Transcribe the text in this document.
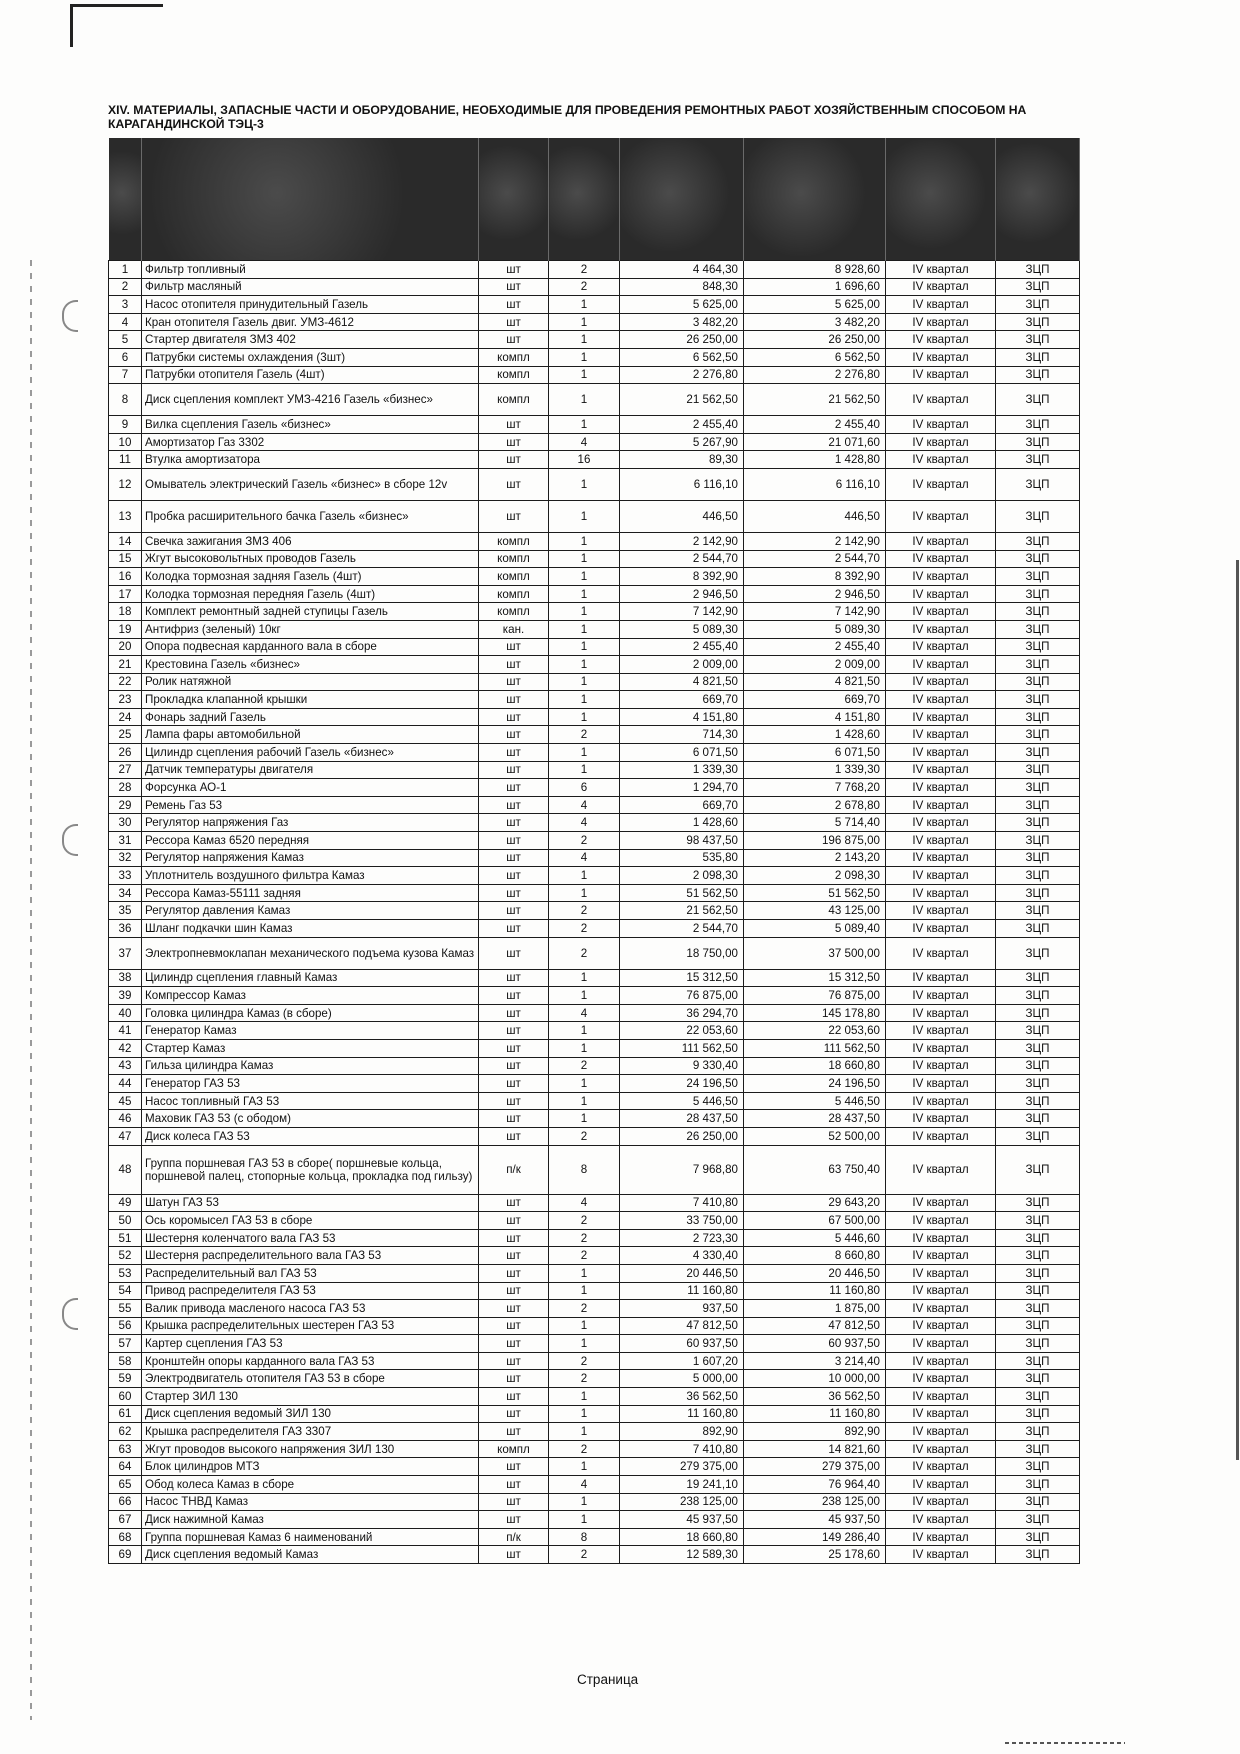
XIV. МАТЕРИАЛЫ, ЗАПАСНЫЕ ЧАСТИ И ОБОРУДОВАНИЕ, НЕОБХОДИМЫЕ ДЛЯ ПРОВЕДЕНИЯ РЕМОНТНЫХ РАБОТ ХОЗЯЙСТВЕННЫМ СПОСОБОМ НА КАРАГАНДИНСКОЙ ТЭЦ-3

1	Фильтр топливный	шт	2	4 464,30	8 928,60	IV квартал	ЗЦП
2	Фильтр масляный	шт	2	848,30	1 696,60	IV квартал	ЗЦП
3	Насос отопителя принудительный Газель	шт	1	5 625,00	5 625,00	IV квартал	ЗЦП
4	Кран отопителя Газель двиг. УМЗ-4612	шт	1	3 482,20	3 482,20	IV квартал	ЗЦП
5	Стартер двигателя ЗМЗ 402	шт	1	26 250,00	26 250,00	IV квартал	ЗЦП
6	Патрубки системы охлаждения (3шт)	компл	1	6 562,50	6 562,50	IV квартал	ЗЦП
7	Патрубки отопителя Газель (4шт)	компл	1	2 276,80	2 276,80	IV квартал	ЗЦП
8	Диск сцепления комплект УМЗ-4216 Газель «бизнес»	компл	1	21 562,50	21 562,50	IV квартал	ЗЦП
9	Вилка сцепления Газель «бизнес»	шт	1	2 455,40	2 455,40	IV квартал	ЗЦП
10	Амортизатор Газ 3302	шт	4	5 267,90	21 071,60	IV квартал	ЗЦП
11	Втулка амортизатора	шт	16	89,30	1 428,80	IV квартал	ЗЦП
12	Омыватель электрический Газель «бизнес» в сборе 12v	шт	1	6 116,10	6 116,10	IV квартал	ЗЦП
13	Пробка расширительного бачка Газель «бизнес»	шт	1	446,50	446,50	IV квартал	ЗЦП
14	Свечка зажигания ЗМЗ 406	компл	1	2 142,90	2 142,90	IV квартал	ЗЦП
15	Жгут высоковольтных проводов Газель	компл	1	2 544,70	2 544,70	IV квартал	ЗЦП
16	Колодка тормозная задняя Газель (4шт)	компл	1	8 392,90	8 392,90	IV квартал	ЗЦП
17	Колодка тормозная передняя Газель (4шт)	компл	1	2 946,50	2 946,50	IV квартал	ЗЦП
18	Комплект ремонтный задней ступицы Газель	компл	1	7 142,90	7 142,90	IV квартал	ЗЦП
19	Антифриз (зеленый) 10кг	кан.	1	5 089,30	5 089,30	IV квартал	ЗЦП
20	Опора подвесная карданного вала в сборе	шт	1	2 455,40	2 455,40	IV квартал	ЗЦП
21	Крестовина Газель «бизнес»	шт	1	2 009,00	2 009,00	IV квартал	ЗЦП
22	Ролик натяжной	шт	1	4 821,50	4 821,50	IV квартал	ЗЦП
23	Прокладка клапанной крышки	шт	1	669,70	669,70	IV квартал	ЗЦП
24	Фонарь задний Газель	шт	1	4 151,80	4 151,80	IV квартал	ЗЦП
25	Лампа фары автомобильной	шт	2	714,30	1 428,60	IV квартал	ЗЦП
26	Цилиндр сцепления рабочий Газель «бизнес»	шт	1	6 071,50	6 071,50	IV квартал	ЗЦП
27	Датчик температуры двигателя	шт	1	1 339,30	1 339,30	IV квартал	ЗЦП
28	Форсунка АО-1	шт	6	1 294,70	7 768,20	IV квартал	ЗЦП
29	Ремень Газ 53	шт	4	669,70	2 678,80	IV квартал	ЗЦП
30	Регулятор напряжения Газ	шт	4	1 428,60	5 714,40	IV квартал	ЗЦП
31	Рессора Камаз 6520 передняя	шт	2	98 437,50	196 875,00	IV квартал	ЗЦП
32	Регулятор напряжения Камаз	шт	4	535,80	2 143,20	IV квартал	ЗЦП
33	Уплотнитель воздушного фильтра Камаз	шт	1	2 098,30	2 098,30	IV квартал	ЗЦП
34	Рессора Камаз-55111 задняя	шт	1	51 562,50	51 562,50	IV квартал	ЗЦП
35	Регулятор давления Камаз	шт	2	21 562,50	43 125,00	IV квартал	ЗЦП
36	Шланг подкачки шин Камаз	шт	2	2 544,70	5 089,40	IV квартал	ЗЦП
37	Электропневмоклапан механического подъема кузова Камаз	шт	2	18 750,00	37 500,00	IV квартал	ЗЦП
38	Цилиндр сцепления главный Камаз	шт	1	15 312,50	15 312,50	IV квартал	ЗЦП
39	Компрессор Камаз	шт	1	76 875,00	76 875,00	IV квартал	ЗЦП
40	Головка цилиндра Камаз (в сборе)	шт	4	36 294,70	145 178,80	IV квартал	ЗЦП
41	Генератор Камаз	шт	1	22 053,60	22 053,60	IV квартал	ЗЦП
42	Стартер Камаз	шт	1	111 562,50	111 562,50	IV квартал	ЗЦП
43	Гильза цилиндра Камаз	шт	2	9 330,40	18 660,80	IV квартал	ЗЦП
44	Генератор ГАЗ 53	шт	1	24 196,50	24 196,50	IV квартал	ЗЦП
45	Насос топливный ГАЗ 53	шт	1	5 446,50	5 446,50	IV квартал	ЗЦП
46	Маховик ГАЗ 53 (с ободом)	шт	1	28 437,50	28 437,50	IV квартал	ЗЦП
47	Диск колеса ГАЗ 53	шт	2	26 250,00	52 500,00	IV квартал	ЗЦП
48	Группа поршневая ГАЗ 53 в сборе( поршневые кольца, поршневой палец, стопорные кольца, прокладка под гильзу)	п/к	8	7 968,80	63 750,40	IV квартал	ЗЦП
49	Шатун ГАЗ 53	шт	4	7 410,80	29 643,20	IV квартал	ЗЦП
50	Ось коромысел ГАЗ 53 в сборе	шт	2	33 750,00	67 500,00	IV квартал	ЗЦП
51	Шестерня коленчатого вала ГАЗ 53	шт	2	2 723,30	5 446,60	IV квартал	ЗЦП
52	Шестерня распределительного вала ГАЗ 53	шт	2	4 330,40	8 660,80	IV квартал	ЗЦП
53	Распределительный вал ГАЗ 53	шт	1	20 446,50	20 446,50	IV квартал	ЗЦП
54	Привод распределителя ГАЗ 53	шт	1	11 160,80	11 160,80	IV квартал	ЗЦП
55	Валик привода масленого насоса ГАЗ 53	шт	2	937,50	1 875,00	IV квартал	ЗЦП
56	Крышка распределительных шестерен ГАЗ 53	шт	1	47 812,50	47 812,50	IV квартал	ЗЦП
57	Картер сцепления ГАЗ 53	шт	1	60 937,50	60 937,50	IV квартал	ЗЦП
58	Кронштейн опоры карданного вала ГАЗ 53	шт	2	1 607,20	3 214,40	IV квартал	ЗЦП
59	Электродвигатель отопителя ГАЗ 53 в сборе	шт	2	5 000,00	10 000,00	IV квартал	ЗЦП
60	Стартер ЗИЛ 130	шт	1	36 562,50	36 562,50	IV квартал	ЗЦП
61	Диск сцепления ведомый ЗИЛ 130	шт	1	11 160,80	11 160,80	IV квартал	ЗЦП
62	Крышка распределителя ГАЗ 3307	шт	1	892,90	892,90	IV квартал	ЗЦП
63	Жгут проводов высокого напряжения ЗИЛ 130	компл	2	7 410,80	14 821,60	IV квартал	ЗЦП
64	Блок цилиндров МТЗ	шт	1	279 375,00	279 375,00	IV квартал	ЗЦП
65	Обод колеса Камаз в сборе	шт	4	19 241,10	76 964,40	IV квартал	ЗЦП
66	Насос ТНВД Камаз	шт	1	238 125,00	238 125,00	IV квартал	ЗЦП
67	Диск нажимной Камаз	шт	1	45 937,50	45 937,50	IV квартал	ЗЦП
68	Группа поршневая Камаз 6 наименований	п/к	8	18 660,80	149 286,40	IV квартал	ЗЦП
69	Диск сцепления ведомый Камаз	шт	2	12 589,30	25 178,60	IV квартал	ЗЦП
Страница
